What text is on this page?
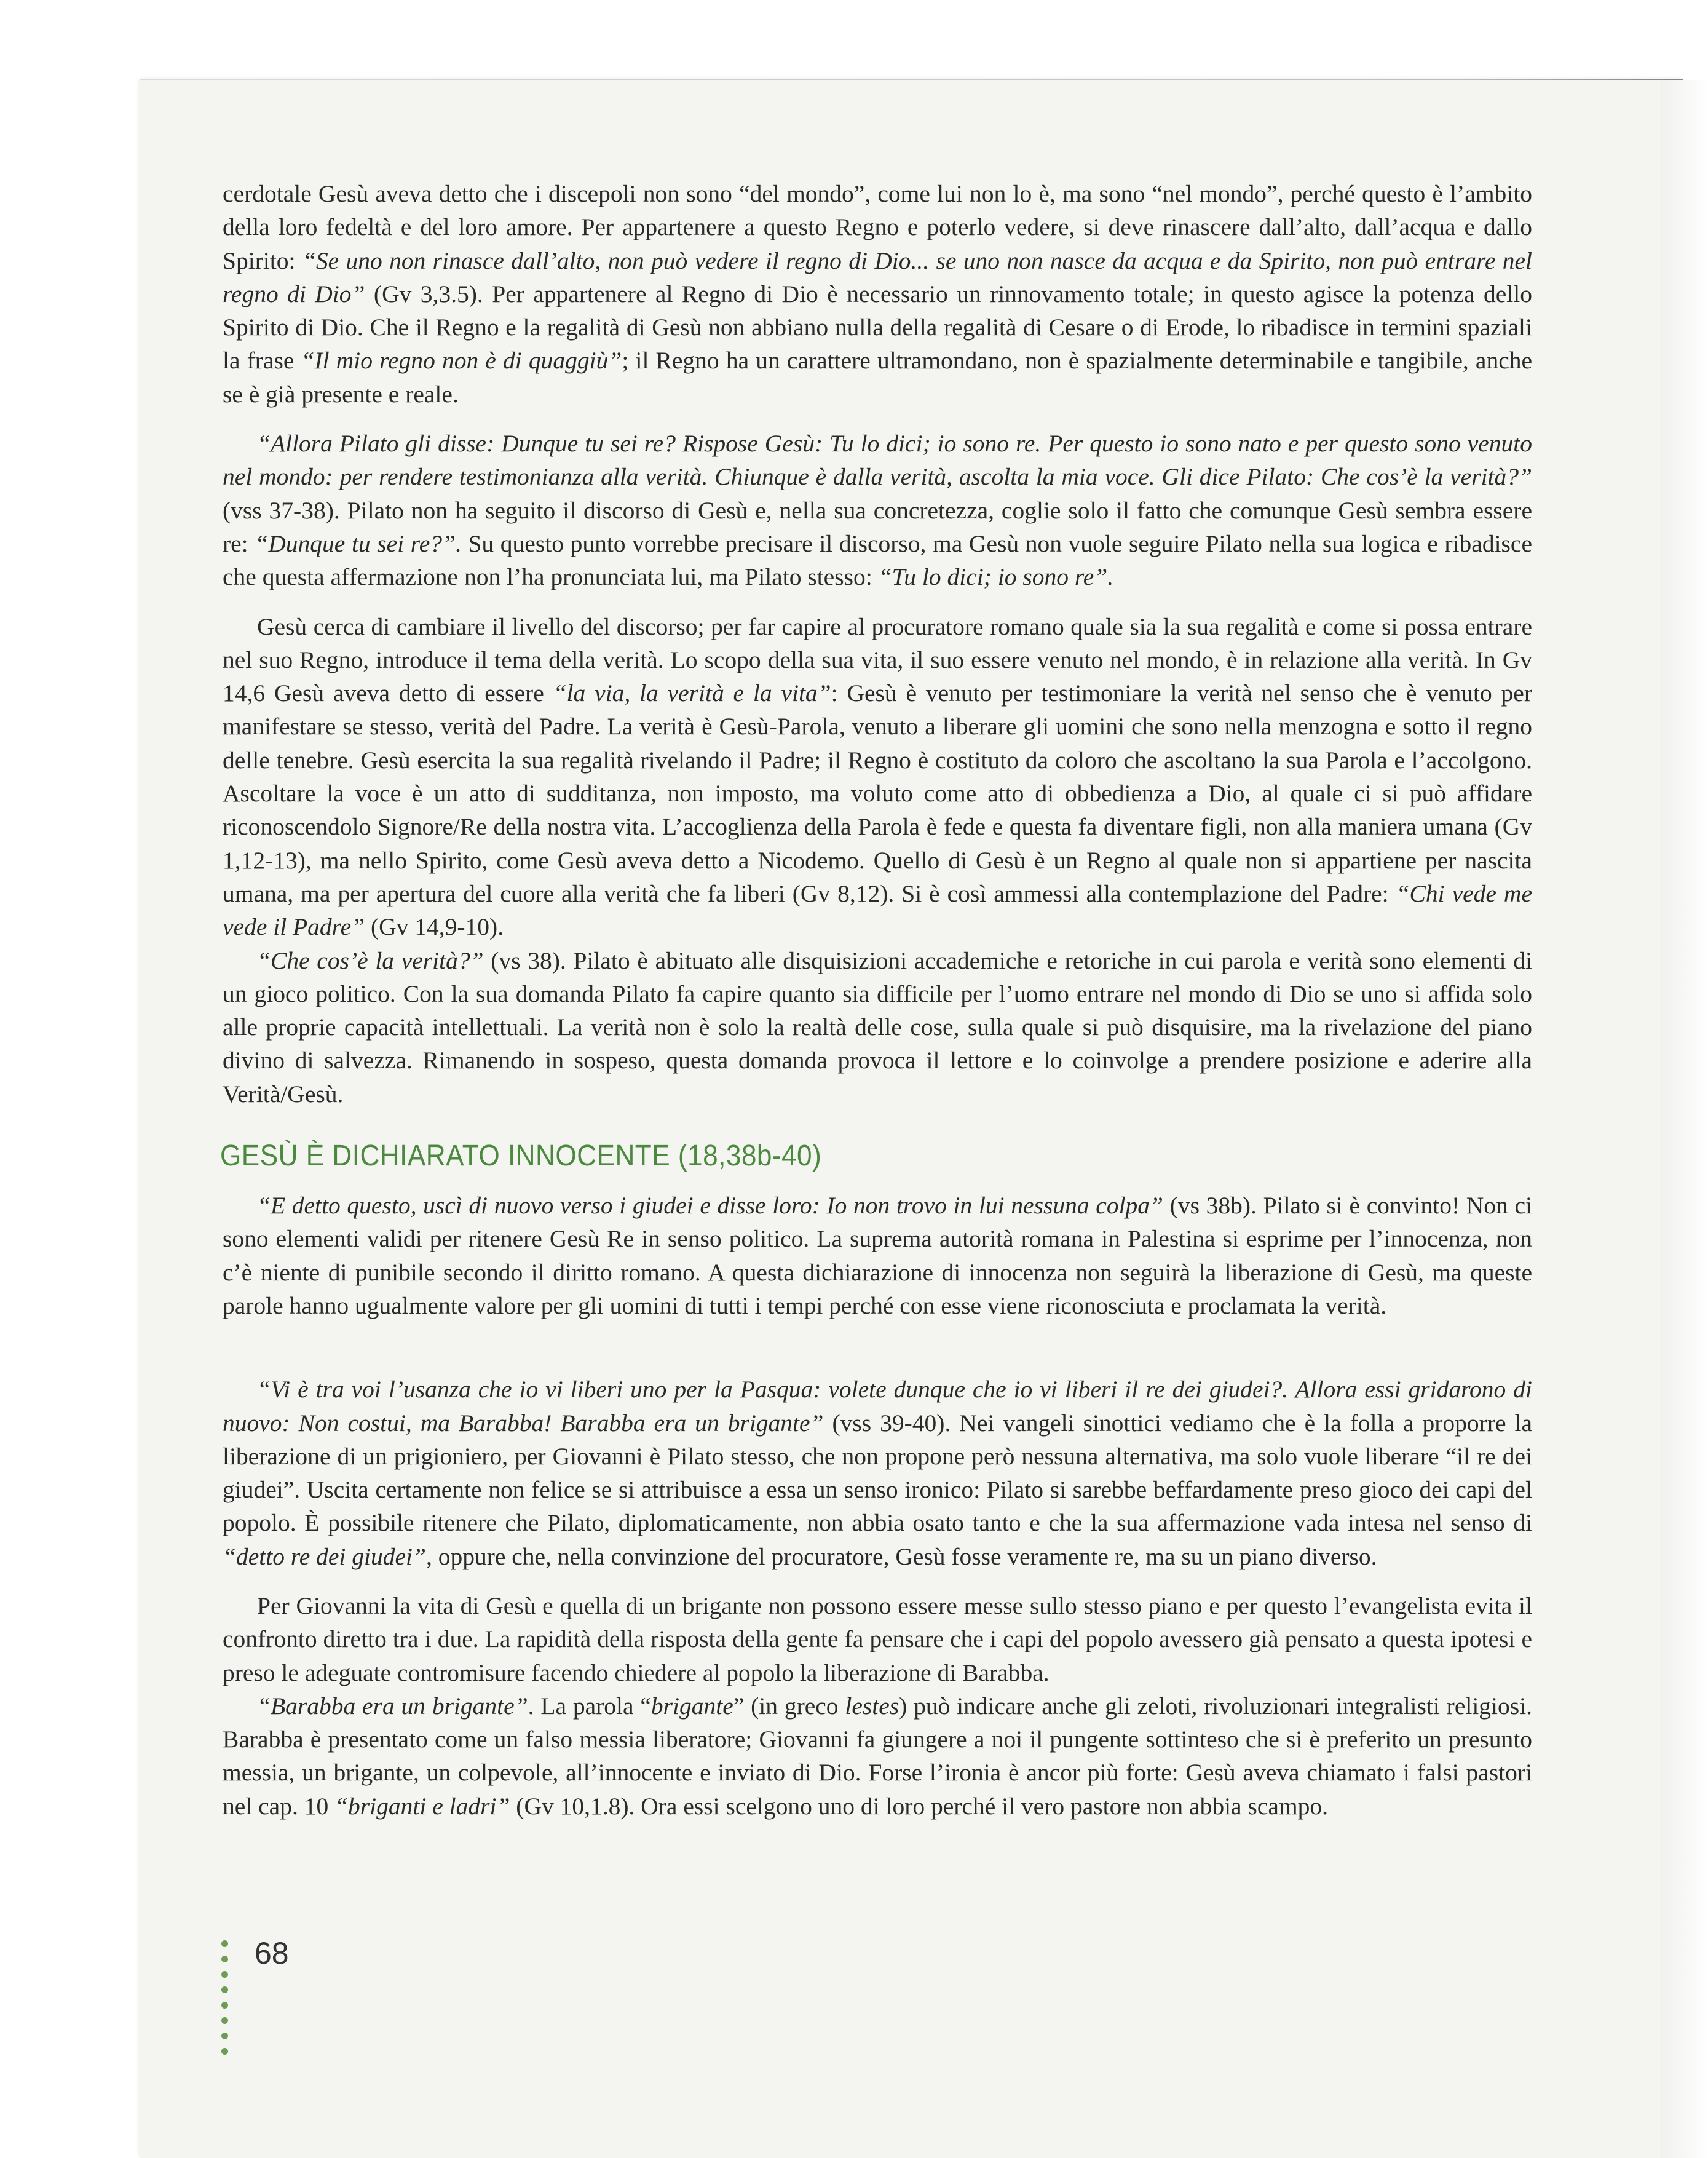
cerdotale Gesù aveva detto che i discepoli non sono “del mondo”, come lui non lo è, ma sono “nel mondo”, perché questo è l’ambito della loro fedeltà e del loro amore. Per appartenere a questo Regno e poterlo vedere, si deve rinascere dall’alto, dall’acqua e dallo Spirito: “Se uno non rinasce dall’alto, non può vedere il regno di Dio... se uno non nasce da acqua e da Spirito, non può entrare nel regno di Dio” (Gv 3,3.5). Per appartenere al Regno di Dio è necessario un rinnovamento totale; in questo agisce la potenza dello Spirito di Dio. Che il Regno e la regalità di Gesù non abbiano nulla della regalità di Cesare o di Erode, lo ribadisce in termini spaziali la frase “Il mio regno non è di quaggiù”; il Regno ha un carattere ultramondano, non è spazialmente determinabile e tangibile, anche se è già presente e reale.

“Allora Pilato gli disse: Dunque tu sei re? Rispose Gesù: Tu lo dici; io sono re. Per questo io sono nato e per questo sono venuto nel mondo: per rendere testimonianza alla verità. Chiunque è dalla verità, ascolta la mia voce. Gli dice Pilato: Che cos’è la verità?” (vss 37-38). Pilato non ha seguito il discorso di Gesù e, nella sua concretezza, coglie solo il fatto che comunque Gesù sembra essere re: “Dunque tu sei re?”. Su questo punto vorrebbe precisare il discorso, ma Gesù non vuole seguire Pilato nella sua logica e ribadisce che questa affermazione non l’ha pronunciata lui, ma Pilato stesso: “Tu lo dici; io sono re”.

Gesù cerca di cambiare il livello del discorso; per far capire al procuratore romano quale sia la sua regalità e come si possa entrare nel suo Regno, introduce il tema della verità. Lo scopo della sua vita, il suo essere venuto nel mondo, è in relazione alla verità. In Gv 14,6 Gesù aveva detto di essere “la via, la verità e la vita”: Gesù è venuto per testimoniare la verità nel senso che è venuto per manifestare se stesso, verità del Padre. La verità è Gesù-Parola, venuto a liberare gli uomini che sono nella menzogna e sotto il regno delle tenebre. Gesù esercita la sua regalità rivelando il Padre; il Regno è costituto da coloro che ascoltano la sua Parola e l’accolgono. Ascoltare la voce è un atto di sudditanza, non imposto, ma voluto come atto di obbedienza a Dio, al quale ci si può affidare riconoscendolo Signore/Re della nostra vita. L’accoglienza della Parola è fede e questa fa diventare figli, non alla maniera umana (Gv 1,12-13), ma nello Spirito, come Gesù aveva detto a Nicodemo. Quello di Gesù è un Regno al quale non si appartiene per nascita umana, ma per apertura del cuore alla verità che fa liberi (Gv 8,12). Si è così ammessi alla contemplazione del Padre: “Chi vede me vede il Padre” (Gv 14,9-10).

“Che cos’è la verità?” (vs 38). Pilato è abituato alle disquisizioni accademiche e retoriche in cui parola e verità sono elementi di un gioco politico. Con la sua domanda Pilato fa capire quanto sia difficile per l’uomo entrare nel mondo di Dio se uno si affida solo alle proprie capacità intellettuali. La verità non è solo la realtà delle cose, sulla quale si può disquisire, ma la rivelazione del piano divino di salvezza. Rimanendo in sospeso, questa domanda provoca il lettore e lo coinvolge a prendere posizione e aderire alla Verità/Gesù.

GESÙ È DICHIARATO INNOCENTE (18,38b-40)

“E detto questo, uscì di nuovo verso i giudei e disse loro: Io non trovo in lui nessuna colpa” (vs 38b). Pilato si è convinto! Non ci sono elementi validi per ritenere Gesù Re in senso politico. La suprema autorità romana in Palestina si esprime per l’innocenza, non c’è niente di punibile secondo il diritto romano. A questa dichiarazione di innocenza non seguirà la liberazione di Gesù, ma queste parole hanno ugualmente valore per gli uomini di tutti i tempi perché con esse viene riconosciuta e proclamata la verità.

“Vi è tra voi l’usanza che io vi liberi uno per la Pasqua: volete dunque che io vi liberi il re dei giudei?. Allora essi gridarono di nuovo: Non costui, ma Barabba! Barabba era un brigante” (vss 39-40). Nei vangeli sinottici vediamo che è la folla a proporre la liberazione di un prigioniero, per Giovanni è Pilato stesso, che non propone però nessuna alternativa, ma solo vuole liberare “il re dei giudei”. Uscita certamente non felice se si attribuisce a essa un senso ironico: Pilato si sarebbe beffardamente preso gioco dei capi del popolo. È possibile ritenere che Pilato, diplomaticamente, non abbia osato tanto e che la sua affermazione vada intesa nel senso di “detto re dei giudei”, oppure che, nella convinzione del procuratore, Gesù fosse veramente re, ma su un piano diverso.

Per Giovanni la vita di Gesù e quella di un brigante non possono essere messe sullo stesso piano e per questo l’evangelista evita il confronto diretto tra i due. La rapidità della risposta della gente fa pensare che i capi del popolo avessero già pensato a questa ipotesi e preso le adeguate contromisure facendo chiedere al popolo la liberazione di Barabba.

“Barabba era un brigante”. La parola “brigante” (in greco lestes) può indicare anche gli zeloti, rivoluzionari integralisti religiosi. Barabba è presentato come un falso messia liberatore; Giovanni fa giungere a noi il pungente sottinteso che si è preferito un presunto messia, un brigante, un colpevole, all’innocente e inviato di Dio. Forse l’ironia è ancor più forte: Gesù aveva chiamato i falsi pastori nel cap. 10 “briganti e ladri” (Gv 10,1.8). Ora essi scelgono uno di loro perché il vero pastore non abbia scampo.

68
